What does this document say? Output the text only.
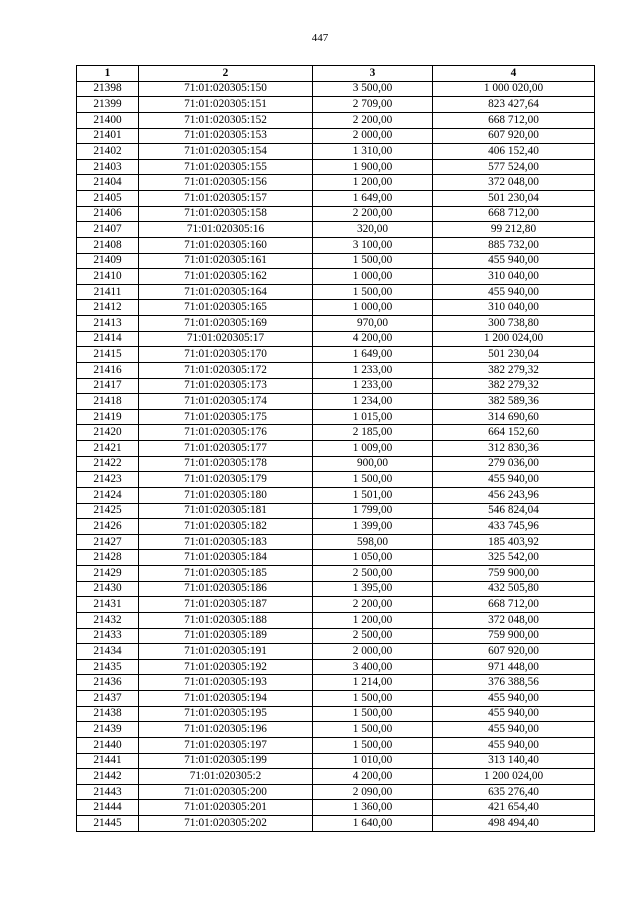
447
1	2	3	4
21398	71:01:020305:150	3 500,00	1 000 020,00
21399	71:01:020305:151	2 709,00	823 427,64
21400	71:01:020305:152	2 200,00	668 712,00
21401	71:01:020305:153	2 000,00	607 920,00
21402	71:01:020305:154	1 310,00	406 152,40
21403	71:01:020305:155	1 900,00	577 524,00
21404	71:01:020305:156	1 200,00	372 048,00
21405	71:01:020305:157	1 649,00	501 230,04
21406	71:01:020305:158	2 200,00	668 712,00
21407	71:01:020305:16	320,00	99 212,80
21408	71:01:020305:160	3 100,00	885 732,00
21409	71:01:020305:161	1 500,00	455 940,00
21410	71:01:020305:162	1 000,00	310 040,00
21411	71:01:020305:164	1 500,00	455 940,00
21412	71:01:020305:165	1 000,00	310 040,00
21413	71:01:020305:169	970,00	300 738,80
21414	71:01:020305:17	4 200,00	1 200 024,00
21415	71:01:020305:170	1 649,00	501 230,04
21416	71:01:020305:172	1 233,00	382 279,32
21417	71:01:020305:173	1 233,00	382 279,32
21418	71:01:020305:174	1 234,00	382 589,36
21419	71:01:020305:175	1 015,00	314 690,60
21420	71:01:020305:176	2 185,00	664 152,60
21421	71:01:020305:177	1 009,00	312 830,36
21422	71:01:020305:178	900,00	279 036,00
21423	71:01:020305:179	1 500,00	455 940,00
21424	71:01:020305:180	1 501,00	456 243,96
21425	71:01:020305:181	1 799,00	546 824,04
21426	71:01:020305:182	1 399,00	433 745,96
21427	71:01:020305:183	598,00	185 403,92
21428	71:01:020305:184	1 050,00	325 542,00
21429	71:01:020305:185	2 500,00	759 900,00
21430	71:01:020305:186	1 395,00	432 505,80
21431	71:01:020305:187	2 200,00	668 712,00
21432	71:01:020305:188	1 200,00	372 048,00
21433	71:01:020305:189	2 500,00	759 900,00
21434	71:01:020305:191	2 000,00	607 920,00
21435	71:01:020305:192	3 400,00	971 448,00
21436	71:01:020305:193	1 214,00	376 388,56
21437	71:01:020305:194	1 500,00	455 940,00
21438	71:01:020305:195	1 500,00	455 940,00
21439	71:01:020305:196	1 500,00	455 940,00
21440	71:01:020305:197	1 500,00	455 940,00
21441	71:01:020305:199	1 010,00	313 140,40
21442	71:01:020305:2	4 200,00	1 200 024,00
21443	71:01:020305:200	2 090,00	635 276,40
21444	71:01:020305:201	1 360,00	421 654,40
21445	71:01:020305:202	1 640,00	498 494,40
